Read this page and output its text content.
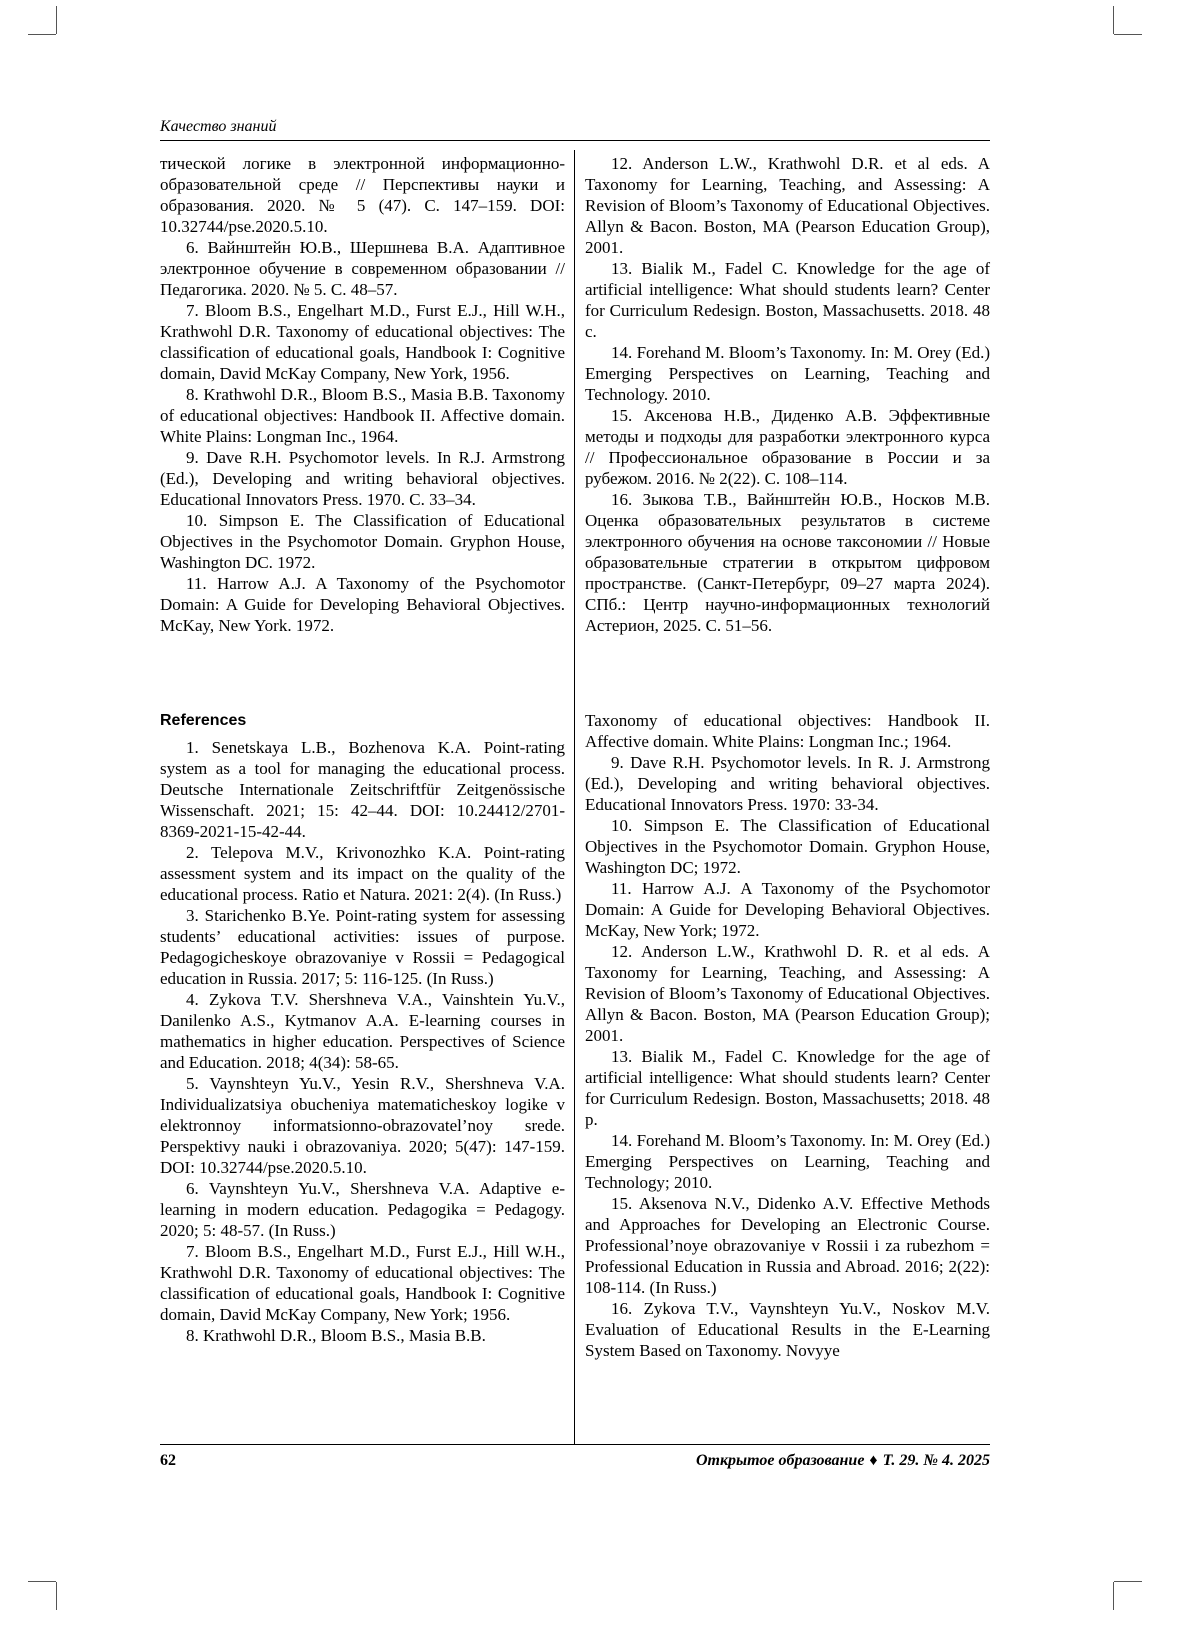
Качество знаний

тической логике в электронной информационно-образовательной среде // Перспективы науки и образования. 2020. № 5 (47). С. 147–159. DOI: 10.32744/pse.2020.5.10.

6. Вайнштейн Ю.В., Шершнева В.А. Адаптивное электронное обучение в современном образовании // Педагогика. 2020. № 5. С. 48–57.

7. Bloom B.S., Engelhart M.D., Furst E.J., Hill W.H., Krathwohl D.R. Taxonomy of educational objectives: The classification of educational goals, Handbook I: Cognitive domain, David McKay Company, New York, 1956.

8. Krathwohl D.R., Bloom B.S., Masia B.B. Taxonomy of educational objectives: Handbook II. Affective domain. White Plains: Longman Inc., 1964.

9. Dave R.H. Psychomotor levels. In R.J. Armstrong (Ed.), Developing and writing behavioral objectives. Educational Innovators Press. 1970. С. 33–34.

10. Simpson E. The Classification of Educational Objectives in the Psychomotor Domain. Gryphon House, Washington DC. 1972.

11. Harrow A.J. A Taxonomy of the Psychomotor Domain: A Guide for Developing Behavioral Objectives. McKay, New York. 1972.

12. Anderson L.W., Krathwohl D.R. et al eds. A Taxonomy for Learning, Teaching, and Assessing: A Revision of Bloom’s Taxonomy of Educational Objectives. Allyn & Bacon. Boston, MA (Pearson Education Group), 2001.

13. Bialik M., Fadel C. Knowledge for the age of artificial intelligence: What should students learn? Center for Curriculum Redesign. Boston, Massachusetts. 2018. 48 с.

14. Forehand M. Bloom’s Taxonomy. In: M. Orey (Ed.) Emerging Perspectives on Learning, Teaching and Technology. 2010.

15. Аксенова Н.В., Диденко А.В. Эффективные методы и подходы для разработки электронного курса // Профессиональное образование в России и за рубежом. 2016. № 2(22). С. 108–114.

16. Зыкова Т.В., Вайнштейн Ю.В., Носков М.В. Оценка образовательных результатов в системе электронного обучения на основе таксономии // Новые образовательные стратегии в открытом цифровом пространстве. (Санкт-Петербург, 09–27 марта 2024). СПб.: Центр научно-информационных технологий Астерион, 2025. С. 51–56.

References

1. Senetskaya L.B., Bozhenova K.A. Point-rating system as a tool for managing the educational process. Deutsche Internationale Zeitschriftfür Zeitgenössische Wissenschaft. 2021; 15: 42–44. DOI: 10.24412/2701-8369-2021-15-42-44.

2. Telepova M.V., Krivonozhko K.A. Point-rating assessment system and its impact on the quality of the educational process. Ratio et Natura. 2021: 2(4). (In Russ.)

3. Starichenko B.Ye. Point-rating system for assessing students’ educational activities: issues of purpose. Pedagogicheskoye obrazovaniye v Rossii = Pedagogical education in Russia. 2017; 5: 116-125. (In Russ.)

4. Zykova T.V. Shershneva V.A., Vainshtein Yu.V., Danilenko A.S., Kytmanov A.A. E-learning courses in mathematics in higher education. Perspectives of Science and Education. 2018; 4(34): 58-65.

5. Vaynshteyn Yu.V., Yesin R.V., Shershneva V.A. Individualizatsiya obucheniya matematicheskoy logike v elektronnoy informatsionno-obrazovatel’noy srede. Perspektivy nauki i obrazovaniya. 2020; 5(47): 147-159. DOI: 10.32744/pse.2020.5.10.

6. Vaynshteyn Yu.V., Shershneva V.A. Adaptive e-learning in modern education. Pedagogika = Pedagogy. 2020; 5: 48-57. (In Russ.)

7. Bloom B.S., Engelhart M.D., Furst E.J., Hill W.H., Krathwohl D.R. Taxonomy of educational objectives: The classification of educational goals, Handbook I: Cognitive domain, David McKay Company, New York; 1956.

8. Krathwohl D.R., Bloom B.S., Masia B.B.

Taxonomy of educational objectives: Handbook II. Affective domain. White Plains: Longman Inc.; 1964.

9. Dave R.H. Psychomotor levels. In R. J. Armstrong (Ed.), Developing and writing behavioral objectives. Educational Innovators Press. 1970: 33-34.

10. Simpson E. The Classification of Educational Objectives in the Psychomotor Domain. Gryphon House, Washington DC; 1972.

11. Harrow A.J. A Taxonomy of the Psychomotor Domain: A Guide for Developing Behavioral Objectives. McKay, New York; 1972.

12. Anderson L.W., Krathwohl D. R. et al eds. A Taxonomy for Learning, Teaching, and Assessing: A Revision of Bloom’s Taxonomy of Educational Objectives. Allyn & Bacon. Boston, MA (Pearson Education Group); 2001.

13. Bialik M., Fadel C. Knowledge for the age of artificial intelligence: What should students learn? Center for Curriculum Redesign. Boston, Massachusetts; 2018. 48 p.

14. Forehand M. Bloom’s Taxonomy. In: M. Orey (Ed.) Emerging Perspectives on Learning, Teaching and Technology; 2010.

15. Aksenova N.V., Didenko A.V. Effective Methods and Approaches for Developing an Electronic Course. Professional’noye obrazovaniye v Rossii i za rubezhom = Professional Education in Russia and Abroad. 2016; 2(22): 108-114. (In Russ.)

16. Zykova T.V., Vaynshteyn Yu.V., Noskov M.V. Evaluation of Educational Results in the E-Learning System Based on Taxonomy. Novyye

62	Открытое образование ♦ Т. 29. № 4. 2025
